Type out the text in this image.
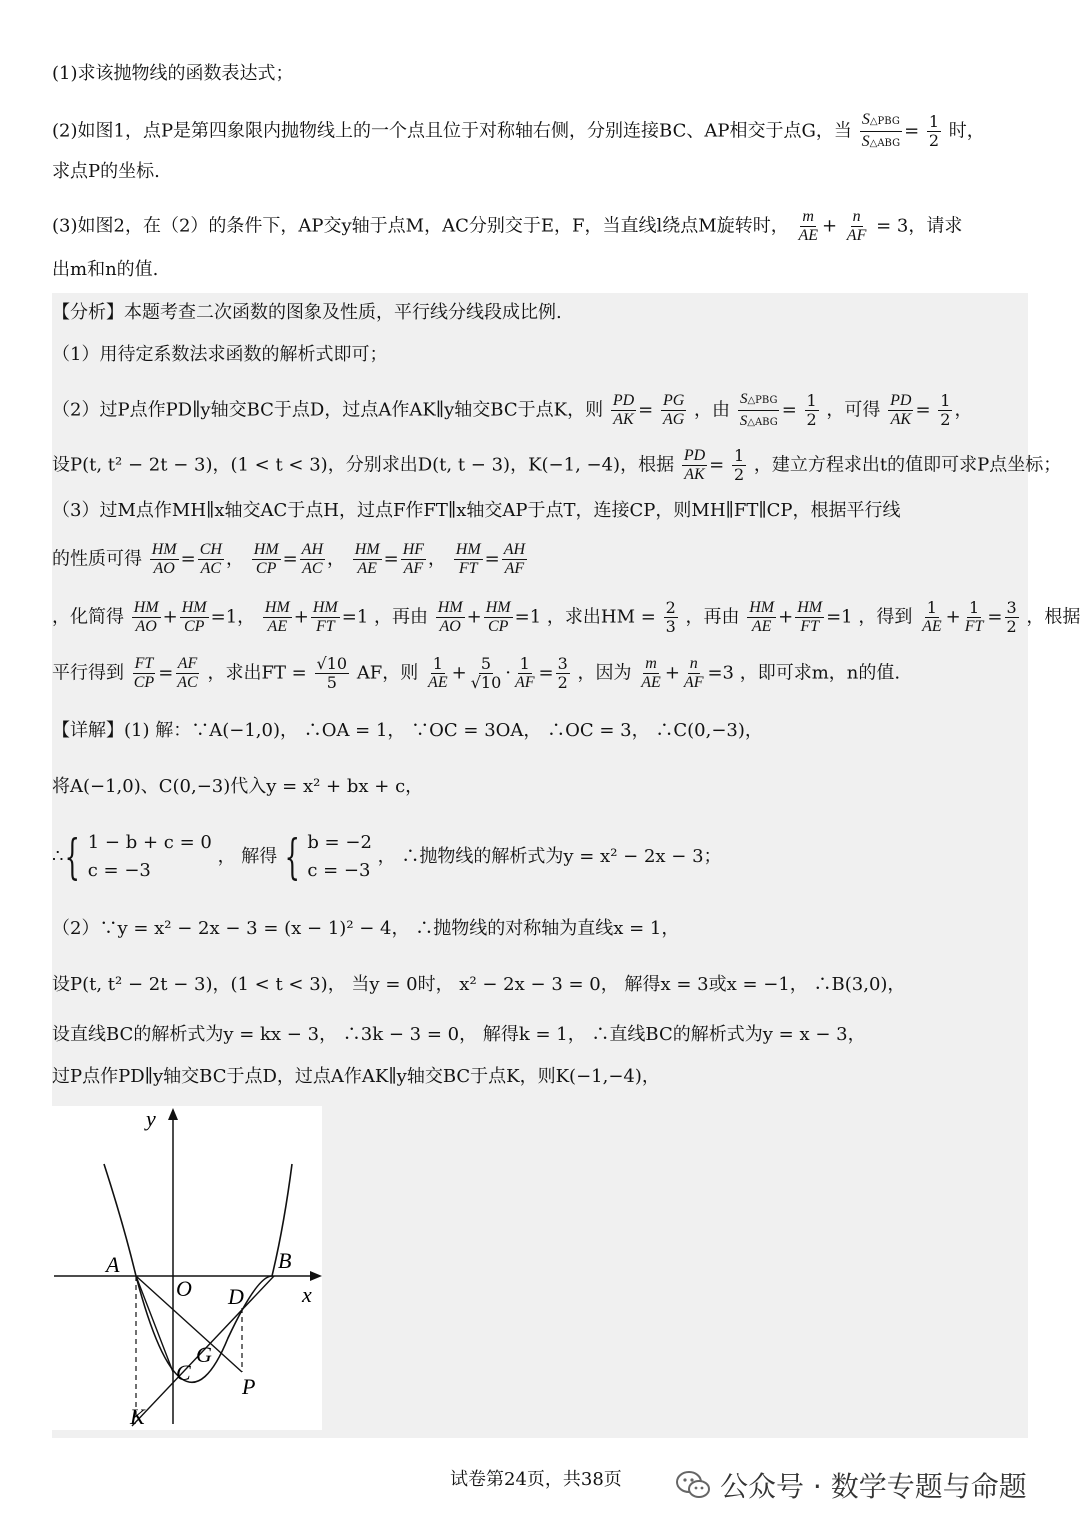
(1)求该抛物线的函数表达式；
(2)如图1，点P是第四象限内抛物线上的一个点且位于对称轴右侧，分别连接BC、AP相交于点G，当 $\frac{\text{S△PBG}}{\text{S△ABG}} = \frac{1}{2}$ 时，
求点P的坐标.
(3)如图2，在（2）的条件下，AP交y轴于点M，AC分别交于E，F，当直线l绕点M旋转时， $\frac{m}{AE} + \frac{n}{AF} = 3$，请求
出m和n的值.
【分析】本题考查二次函数的图象及性质，平行线分线段成比例.
（1）用待定系数法求函数的解析式即可；
（2）过P点作PD∥y轴交BC于点D，过点A作AK∥y轴交BC于点K，则 $\frac{PD}{AK} = \frac{PG}{AG}$ ，由 $\frac{\text{S△PBG}}{\text{S△ABG}} = \frac{1}{2}$ ，可得 $\frac{PD}{AK} = \frac{1}{2}$ ，
设P(t, t² − 2t − 3)，(1 < t < 3)，分别求出D(t, t − 3)，K(−1, −4)，根据 $\frac{PD}{AK} = \frac{1}{2}$ ，建立方程求出t的值即可求P点坐标；
（3）过M点作MH∥x轴交AC于点H，过点F作FT∥x轴交AP于点T，连接CP，则MH∥FT∥CP，根据平行线
的性质可得 $\frac{HM}{AO} = \frac{CH}{AC}$ ， $\frac{HM}{CP} = \frac{AH}{AC}$ ， $\frac{HM}{AE} = \frac{HF}{AF}$ ， $\frac{HM}{FT} = \frac{AH}{AF}$
，化简得 $\frac{HM}{AO} + \frac{HM}{CP} =1$， $\frac{HM}{AE} + \frac{HM}{FT} =1$ ，再由 $\frac{HM}{AO} + \frac{HM}{CP} =1$ ，求出HM = $\frac{2}{3}$ ，再由 $\frac{HM}{AE} + \frac{HM}{FT} =1$ ，得到 $\frac{1}{AE} + \frac{1}{FT} = \frac{3}{2}$ ，根据
平行得到 $\frac{FT}{CP} = \frac{AF}{AC}$ ，求出FT = $\frac{√10}{5}$ AF，则 $\frac{1}{AE} + \frac{5}{√10} \cdot \frac{1}{AF} = \frac{3}{2}$ ，因为 $\frac{m}{AE} + \frac{n}{AF} =3$ ，即可求m，n的值.
【详解】(1) 解：∵A(−1,0)， ∴OA = 1， ∵OC = 3OA， ∴OC = 3， ∴C(0,−3)，
将A(−1,0)、C(0,−3)代入y = x² + bx + c，
∴{ 1 − b + c = 0
c = −3
， 解得 { b = −2
c = −3
， ∴抛物线的解析式为y = x² − 2x − 3；
（2）∵y = x² − 2x − 3 = (x − 1)² − 4， ∴抛物线的对称轴为直线x = 1，
设P(t, t² − 2t − 3)，(1 < t < 3)， 当y = 0时， x² − 2x − 3 = 0， 解得x = 3或x = −1， ∴B(3,0)，
设直线BC的解析式为y = kx − 3， ∴3k − 3 = 0， 解得k = 1， ∴直线BC的解析式为y = x − 3，
过P点作PD∥y轴交BC于点D，过点A作AK∥y轴交BC于点K，则K(−1,−4)，
y
x
A	B
O D
G
C
P
K
试卷第24页，共38页	公众号 · 数学专题与命题
